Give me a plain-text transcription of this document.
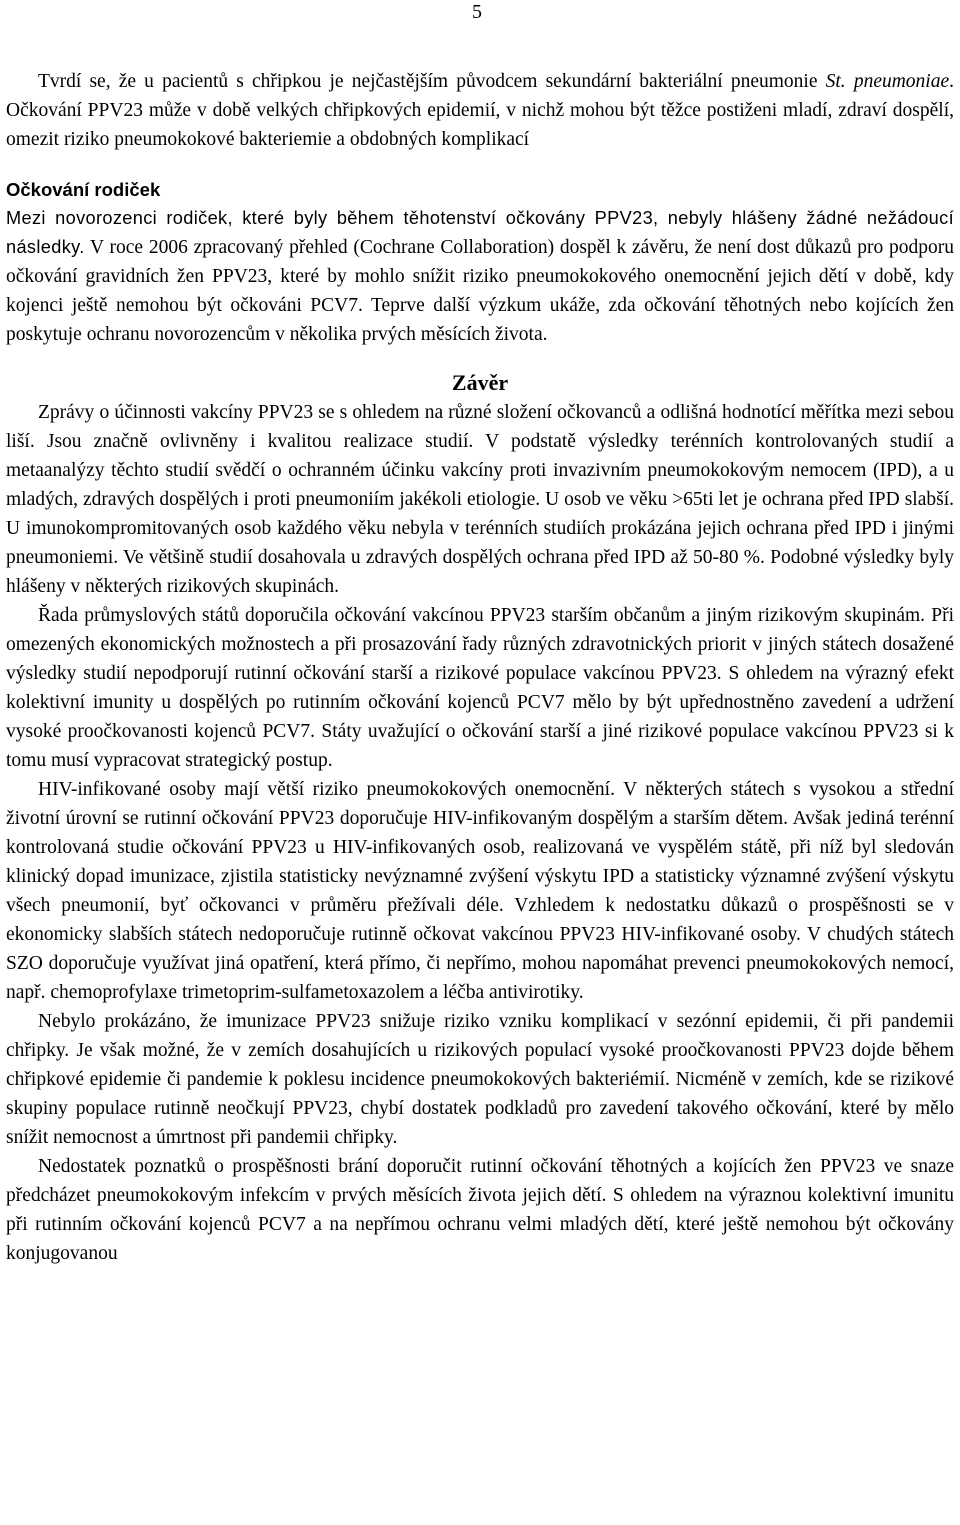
5

Tvrdí se, že u pacientů s chřipkou je nejčastějším původcem sekundární bakteriální pneumonie St. pneumoniae. Očkování PPV23 může v době velkých chřipkových epidemií, v nichž mohou být těžce postiženi mladí, zdraví dospělí, omezit riziko pneumokokové bakteriemie a obdobných komplikací

Očkování rodiček

Mezi novorozenci rodiček, které byly během těhotenství očkovány PPV23, nebyly hlášeny žádné nežádoucí následky. V roce 2006 zpracovaný přehled (Cochrane Collaboration) dospěl k závěru, že není dost důkazů pro podporu očkování gravidních žen PPV23, které by mohlo snížit riziko pneumokokového onemocnění jejich dětí v době, kdy kojenci ještě nemohou být očkováni PCV7. Teprve další výzkum ukáže, zda očkování těhotných nebo kojících žen poskytuje ochranu novorozencům v několika prvých měsících života.

Závěr

Zprávy o účinnosti vakcíny PPV23 se s ohledem na různé složení očkovanců a odlišná hodnotící měřítka mezi sebou liší. Jsou značně ovlivněny i kvalitou realizace studií. V podstatě výsledky terénních kontrolovaných studií a metaanalýzy těchto studií svědčí o ochranném účinku vakcíny proti invazivním pneumokokovým nemocem (IPD), a u mladých, zdravých dospělých i proti pneumoniím jakékoli etiologie. U osob ve věku >65ti let je ochrana před IPD slabší. U imunokompromitovaných osob každého věku nebyla v terénních studiích prokázána jejich ochrana před IPD i jinými pneumoniemi. Ve většině studií dosahovala u zdravých dospělých ochrana před IPD až 50-80 %. Podobné výsledky byly hlášeny v některých rizikových skupinách.

Řada průmyslových států doporučila očkování vakcínou PPV23 starším občanům a jiným rizikovým skupinám. Při omezených ekonomických možnostech a při prosazování řady různých zdravotnických priorit v jiných státech dosažené výsledky studií nepodporují rutinní očkování starší a rizikové populace vakcínou PPV23. S ohledem na výrazný efekt kolektivní imunity u dospělých po rutinním očkování kojenců PCV7 mělo by být upřednostněno zavedení a udržení vysoké proočkovanosti kojenců PCV7. Státy uvažující o očkování starší a jiné rizikové populace vakcínou PPV23 si k tomu musí vypracovat strategický postup.

HIV-infikované osoby mají větší riziko pneumokokových onemocnění. V některých státech s vysokou a střední životní úrovní se rutinní očkování PPV23 doporučuje HIV-infikovaným dospělým a starším dětem. Avšak jediná terénní kontrolovaná studie očkování PPV23 u HIV-infikovaných osob, realizovaná ve vyspělém státě, při níž byl sledován klinický dopad imunizace, zjistila statisticky nevýznamné zvýšení výskytu IPD a statisticky významné zvýšení výskytu všech pneumonií, byť očkovanci v průměru přežívali déle. Vzhledem k nedostatku důkazů o prospěšnosti se v ekonomicky slabších státech nedoporučuje rutinně očkovat vakcínou PPV23 HIV-infikované osoby. V chudých státech SZO doporučuje využívat jiná opatření, která přímo, či nepřímo, mohou napomáhat prevenci pneumokokových nemocí, např. chemoprofylaxe trimetoprim-sulfametoxazolem a léčba antivirotiky.

Nebylo prokázáno, že imunizace PPV23 snižuje riziko vzniku komplikací v sezónní epidemii, či při pandemii chřipky. Je však možné, že v zemích dosahujících u rizikových populací vysoké proočkovanosti PPV23 dojde během chřipkové epidemie či pandemie k poklesu incidence pneumokokových bakteriémií. Nicméně v zemích, kde se rizikové skupiny populace rutinně neočkují PPV23, chybí dostatek podkladů pro zavedení takového očkování, které by mělo snížit nemocnost a úmrtnost při pandemii chřipky.

Nedostatek poznatků o prospěšnosti brání doporučit rutinní očkování těhotných a kojících žen PPV23 ve snaze předcházet pneumokokovým infekcím v prvých měsících života jejich dětí. S ohledem na výraznou kolektivní imunitu při rutinním očkování kojenců PCV7 a na nepřímou ochranu velmi mladých dětí, které ještě nemohou být očkovány konjugovanou
